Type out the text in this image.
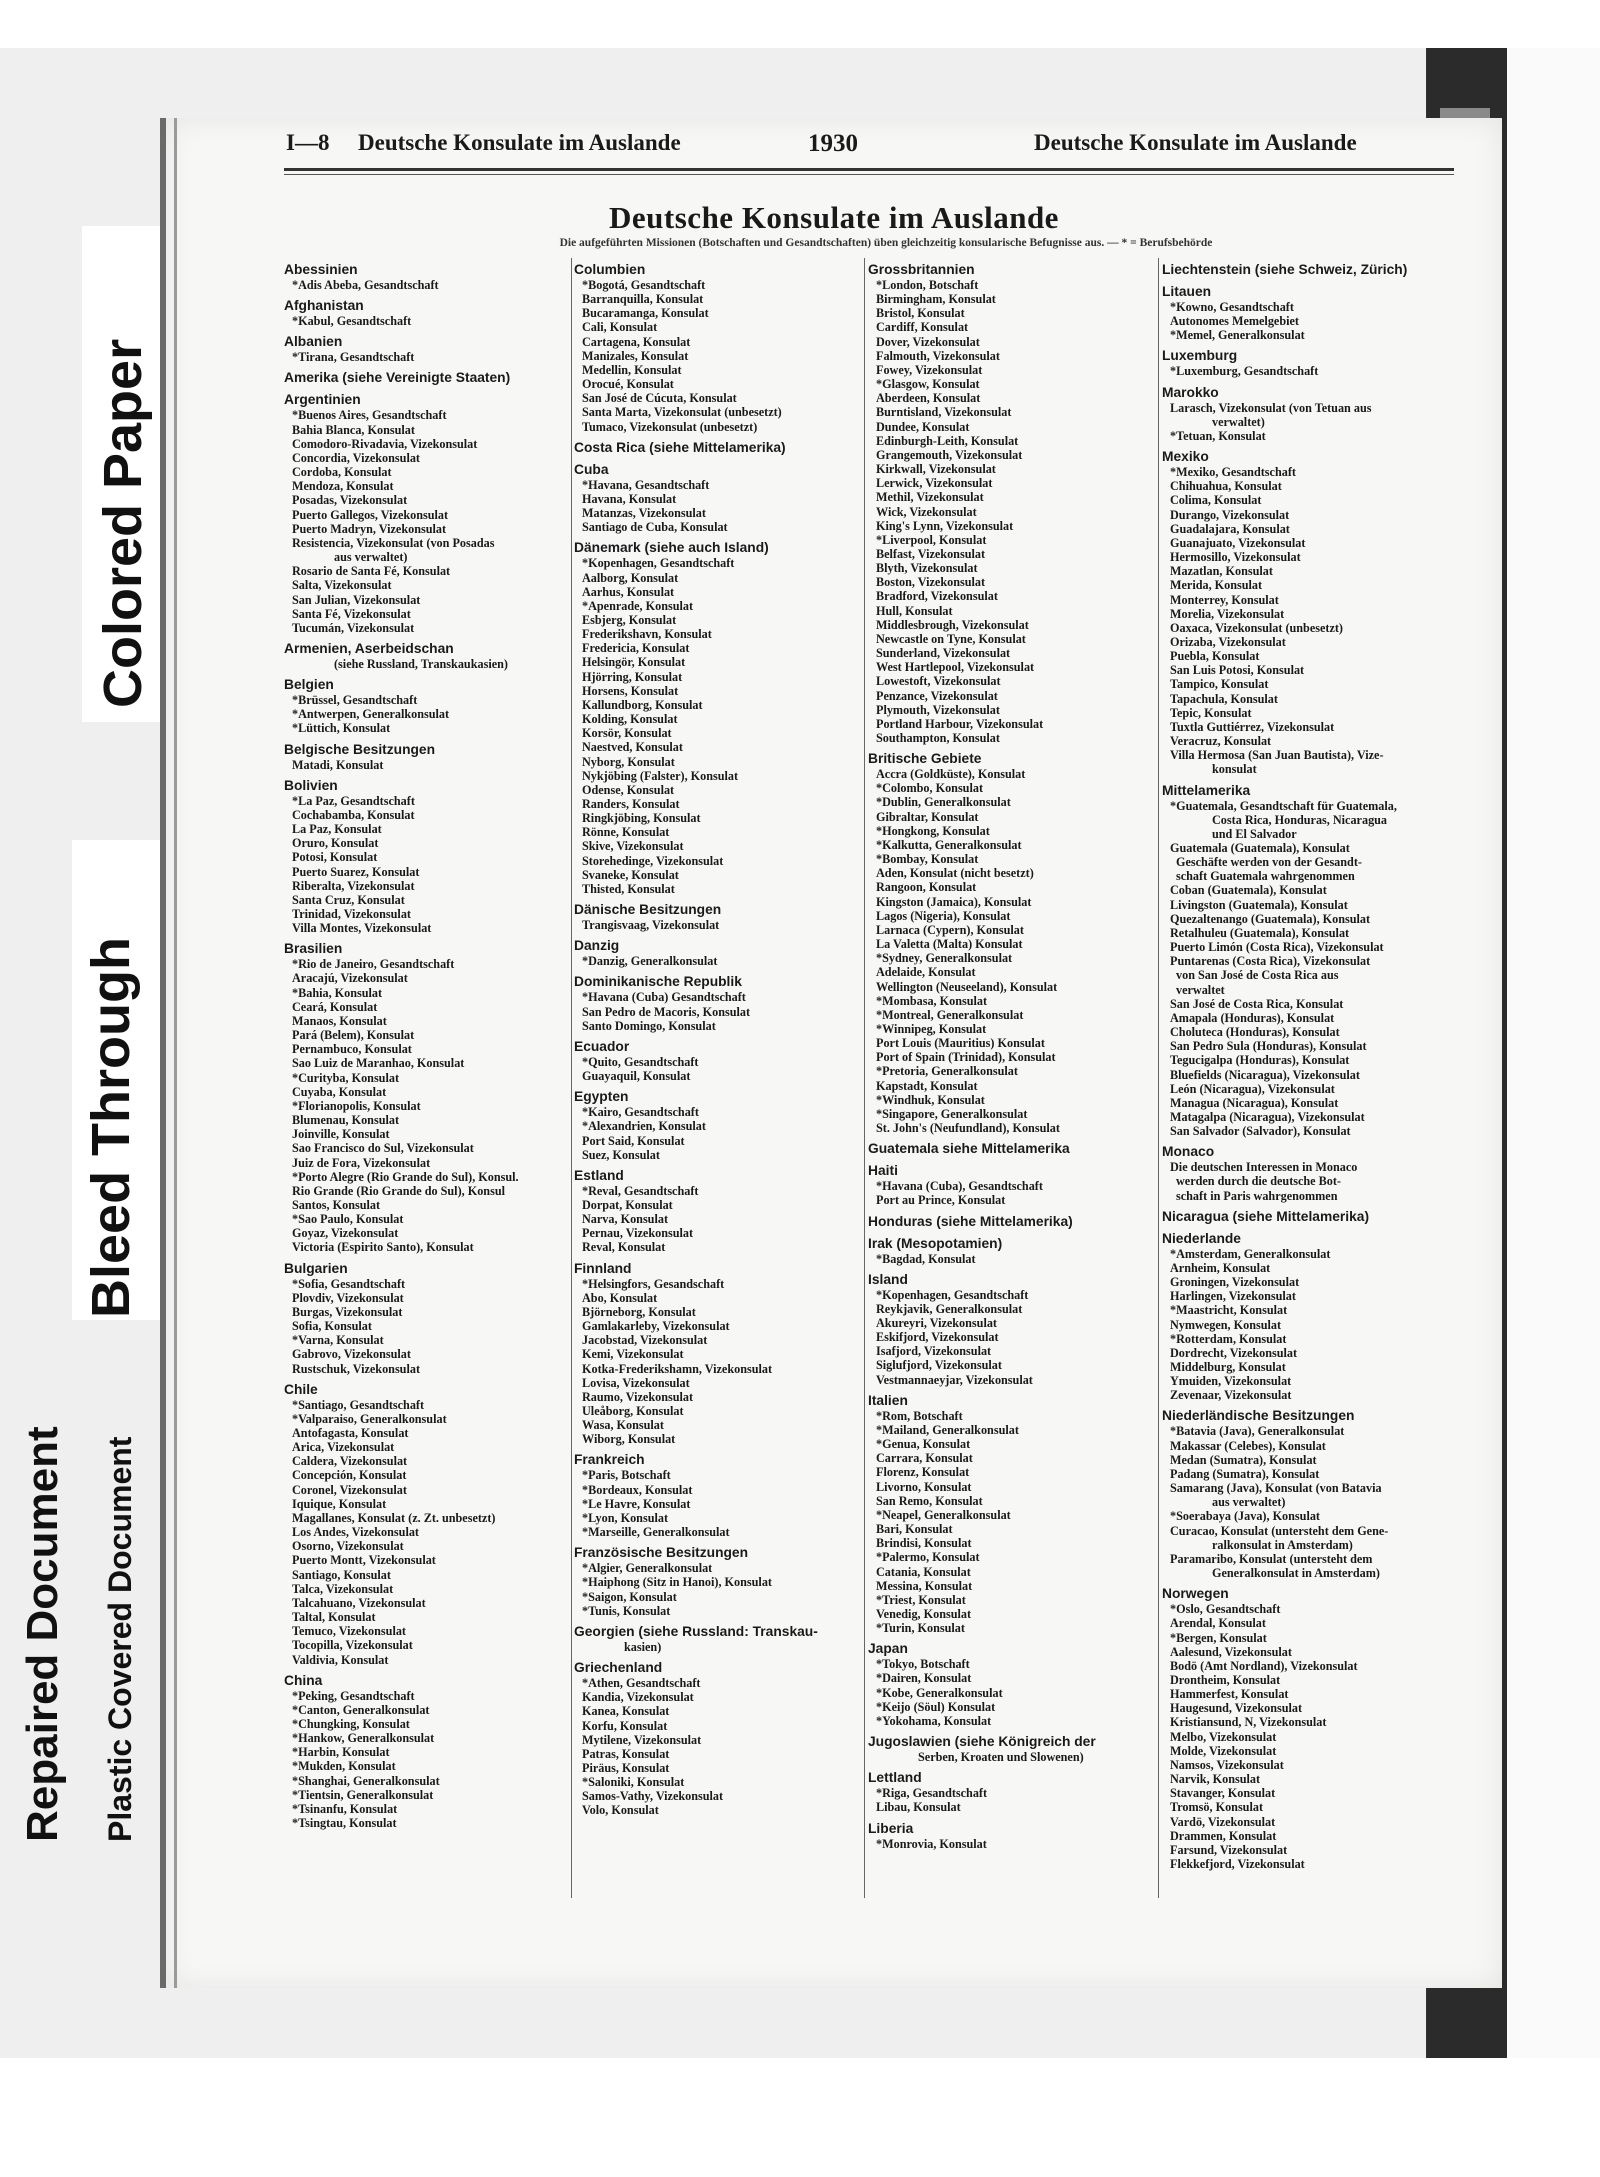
Colored Paper
Bleed Through
Repaired Document Plastic Covered Document
I—8 Deutsche Konsulate im Auslande	1930	Deutsche Konsulate im Auslande
Deutsche Konsulate im Auslande
Die aufgeführten Missionen (Botschaften und Gesandtschaften) üben gleichzeitig konsularische Befugnisse aus. — * = Berufsbehörde
Abessinien
*Adis Abeba, Gesandtschaft
Afghanistan
*Kabul, Gesandtschaft
Albanien
*Tirana, Gesandtschaft
Amerika (siehe Vereinigte Staaten)
Argentinien
*Buenos Aires, Gesandtschaft
Bahia Blanca, Konsulat
Comodoro-Rivadavia, Vizekonsulat
Concordia, Vizekonsulat
Cordoba, Konsulat
Mendoza, Konsulat
Posadas, Vizekonsulat
Puerto Gallegos, Vizekonsulat
Puerto Madryn, Vizekonsulat
Resistencia, Vizekonsulat (von Posadas
aus verwaltet)
Rosario de Santa Fé, Konsulat
Salta, Vizekonsulat
San Julian, Vizekonsulat
Santa Fé, Vizekonsulat
Tucumán, Vizekonsulat
Armenien, Aserbeidschan
(siehe Russland, Transkaukasien)
Belgien
*Brüssel, Gesandtschaft
*Antwerpen, Generalkonsulat
*Lüttich, Konsulat
Belgische Besitzungen
Matadi, Konsulat
Bolivien
*La Paz, Gesandtschaft
Cochabamba, Konsulat
La Paz, Konsulat
Oruro, Konsulat
Potosi, Konsulat
Puerto Suarez, Konsulat
Riberalta, Vizekonsulat
Santa Cruz, Konsulat
Trinidad, Vizekonsulat
Villa Montes, Vizekonsulat
Brasilien
*Rio de Janeiro, Gesandtschaft
Aracajú, Vizekonsulat
*Bahia, Konsulat
Ceará, Konsulat
Manaos, Konsulat
Pará (Belem), Konsulat
Pernambuco, Konsulat
Sao Luiz de Maranhao, Konsulat
*Curityba, Konsulat
Cuyaba, Konsulat
*Florianopolis, Konsulat
Blumenau, Konsulat
Joinville, Konsulat
Sao Francisco do Sul, Vizekonsulat
Juiz de Fora, Vizekonsulat
*Porto Alegre (Rio Grande do Sul), Konsul.
Rio Grande (Rio Grande do Sul), Konsul
Santos, Konsulat
*Sao Paulo, Konsulat
Goyaz, Vizekonsulat
Victoria (Espirito Santo), Konsulat
Bulgarien
*Sofia, Gesandtschaft
Plovdiv, Vizekonsulat
Burgas, Vizekonsulat
Sofia, Konsulat
*Varna, Konsulat
Gabrovo, Vizekonsulat
Rustschuk, Vizekonsulat
Chile
*Santiago, Gesandtschaft
*Valparaiso, Generalkonsulat
Antofagasta, Konsulat
Arica, Vizekonsulat
Caldera, Vizekonsulat
Concepción, Konsulat
Coronel, Vizekonsulat
Iquique, Konsulat
Magallanes, Konsulat (z. Zt. unbesetzt)
Los Andes, Vizekonsulat
Osorno, Vizekonsulat
Puerto Montt, Vizekonsulat
Santiago, Konsulat
Talca, Vizekonsulat
Talcahuano, Vizekonsulat
Taltal, Konsulat
Temuco, Vizekonsulat
Tocopilla, Vizekonsulat
Valdivia, Konsulat
China
*Peking, Gesandtschaft
*Canton, Generalkonsulat
*Chungking, Konsulat
*Hankow, Generalkonsulat
*Harbin, Konsulat
*Mukden, Konsulat
*Shanghai, Generalkonsulat
*Tientsin, Generalkonsulat
*Tsinanfu, Konsulat
*Tsingtau, Konsulat
Columbien
*Bogotá, Gesandtschaft
Barranquilla, Konsulat
Bucaramanga, Konsulat
Cali, Konsulat
Cartagena, Konsulat
Manizales, Konsulat
Medellin, Konsulat
Orocué, Konsulat
San José de Cúcuta, Konsulat
Santa Marta, Vizekonsulat (unbesetzt)
Tumaco, Vizekonsulat (unbesetzt)
Costa Rica (siehe Mittelamerika)
Cuba
*Havana, Gesandtschaft
Havana, Konsulat
Matanzas, Vizekonsulat
Santiago de Cuba, Konsulat
Dänemark (siehe auch Island)
*Kopenhagen, Gesandtschaft
Aalborg, Konsulat
Aarhus, Konsulat
*Apenrade, Konsulat
Esbjerg, Konsulat
Frederikshavn, Konsulat
Fredericia, Konsulat
Helsingör, Konsulat
Hjörring, Konsulat
Horsens, Konsulat
Kallundborg, Konsulat
Kolding, Konsulat
Korsör, Konsulat
Naestved, Konsulat
Nyborg, Konsulat
Nykjöbing (Falster), Konsulat
Odense, Konsulat
Randers, Konsulat
Ringkjöbing, Konsulat
Rönne, Konsulat
Skive, Vizekonsulat
Storehedinge, Vizekonsulat
Svaneke, Konsulat
Thisted, Konsulat
Dänische Besitzungen
Trangisvaag, Vizekonsulat
Danzig
*Danzig, Generalkonsulat
Dominikanische Republik
*Havana (Cuba) Gesandtschaft
San Pedro de Macoris, Konsulat
Santo Domingo, Konsulat
Ecuador
*Quito, Gesandtschaft
Guayaquil, Konsulat
Egypten
*Kairo, Gesandtschaft
*Alexandrien, Konsulat
Port Said, Konsulat
Suez, Konsulat
Estland
*Reval, Gesandtschaft
Dorpat, Konsulat
Narva, Konsulat
Pernau, Vizekonsulat
Reval, Konsulat
Finnland
*Helsingfors, Gesandschaft
Abo, Konsulat
Björneborg, Konsulat
Gamlakarleby, Vizekonsulat
Jacobstad, Vizekonsulat
Kemi, Vizekonsulat
Kotka-Frederikshamn, Vizekonsulat
Lovisa, Vizekonsulat
Raumo, Vizekonsulat
Uleåborg, Konsulat
Wasa, Konsulat
Wiborg, Konsulat
Frankreich
*Paris, Botschaft
*Bordeaux, Konsulat
*Le Havre, Konsulat
*Lyon, Konsulat
*Marseille, Generalkonsulat
Französische Besitzungen
*Algier, Generalkonsulat
*Haiphong (Sitz in Hanoi), Konsulat
*Saigon, Konsulat
*Tunis, Konsulat
Georgien (siehe Russland: Transkau-
kasien)
Griechenland
*Athen, Gesandtschaft
Kandia, Vizekonsulat
Kanea, Konsulat
Korfu, Konsulat
Mytilene, Vizekonsulat
Patras, Konsulat
Piräus, Konsulat
*Saloniki, Konsulat
Samos-Vathy, Vizekonsulat
Volo, Konsulat
Grossbritannien
*London, Botschaft
Birmingham, Konsulat
Bristol, Konsulat
Cardiff, Konsulat
Dover, Vizekonsulat
Falmouth, Vizekonsulat
Fowey, Vizekonsulat
*Glasgow, Konsulat
Aberdeen, Konsulat
Burntisland, Vizekonsulat
Dundee, Konsulat
Edinburgh-Leith, Konsulat
Grangemouth, Vizekonsulat
Kirkwall, Vizekonsulat
Lerwick, Vizekonsulat
Methil, Vizekonsulat
Wick, Vizekonsulat
King's Lynn, Vizekonsulat
*Liverpool, Konsulat
Belfast, Vizekonsulat
Blyth, Vizekonsulat
Boston, Vizekonsulat
Bradford, Vizekonsulat
Hull, Konsulat
Middlesbrough, Vizekonsulat
Newcastle on Tyne, Konsulat
Sunderland, Vizekonsulat
West Hartlepool, Vizekonsulat
Lowestoft, Vizekonsulat
Penzance, Vizekonsulat
Plymouth, Vizekonsulat
Portland Harbour, Vizekonsulat
Southampton, Konsulat
Britische Gebiete
Accra (Goldküste), Konsulat
*Colombo, Konsulat
*Dublin, Generalkonsulat
Gibraltar, Konsulat
*Hongkong, Konsulat
*Kalkutta, Generalkonsulat
*Bombay, Konsulat
Aden, Konsulat (nicht besetzt)
Rangoon, Konsulat
Kingston (Jamaica), Konsulat
Lagos (Nigeria), Konsulat
Larnaca (Cypern), Konsulat
La Valetta (Malta) Konsulat
*Sydney, Generalkonsulat
Adelaide, Konsulat
Wellington (Neuseeland), Konsulat
*Mombasa, Konsulat
*Montreal, Generalkonsulat
*Winnipeg, Konsulat
Port Louis (Mauritius) Konsulat
Port of Spain (Trinidad), Konsulat
*Pretoria, Generalkonsulat
Kapstadt, Konsulat
*Windhuk, Konsulat
*Singapore, Generalkonsulat
St. John's (Neufundland), Konsulat
Guatemala siehe Mittelamerika
Haiti
*Havana (Cuba), Gesandtschaft
Port au Prince, Konsulat
Honduras (siehe Mittelamerika)
Irak (Mesopotamien)
*Bagdad, Konsulat
Island
*Kopenhagen, Gesandtschaft
Reykjavik, Generalkonsulat
Akureyri, Vizekonsulat
Eskifjord, Vizekonsulat
Isafjord, Vizekonsulat
Siglufjord, Vizekonsulat
Vestmannaeyjar, Vizekonsulat
Italien
*Rom, Botschaft
*Mailand, Generalkonsulat
*Genua, Konsulat
Carrara, Konsulat
Florenz, Konsulat
Livorno, Konsulat
San Remo, Konsulat
*Neapel, Generalkonsulat
Bari, Konsulat
Brindisi, Konsulat
*Palermo, Konsulat
Catania, Konsulat
Messina, Konsulat
*Triest, Konsulat
Venedig, Konsulat
*Turin, Konsulat
Japan
*Tokyo, Botschaft
*Dairen, Konsulat
*Kobe, Generalkonsulat
*Keijo (Söul) Konsulat
*Yokohama, Konsulat
Jugoslawien (siehe Königreich der
Serben, Kroaten und Slowenen)
Lettland
*Riga, Gesandtschaft
Libau, Konsulat
Liberia
*Monrovia, Konsulat
Liechtenstein (siehe Schweiz, Zürich)
Litauen
*Kowno, Gesandtschaft
Autonomes Memelgebiet
*Memel, Generalkonsulat
Luxemburg
*Luxemburg, Gesandtschaft
Marokko
Larasch, Vizekonsulat (von Tetuan aus
verwaltet)
*Tetuan, Konsulat
Mexiko
*Mexiko, Gesandtschaft
Chihuahua, Konsulat
Colima, Konsulat
Durango, Vizekonsulat
Guadalajara, Konsulat
Guanajuato, Vizekonsulat
Hermosillo, Vizekonsulat
Mazatlan, Konsulat
Merida, Konsulat
Monterrey, Konsulat
Morelia, Vizekonsulat
Oaxaca, Vizekonsulat (unbesetzt)
Orizaba, Vizekonsulat
Puebla, Konsulat
San Luis Potosi, Konsulat
Tampico, Konsulat
Tapachula, Konsulat
Tepic, Konsulat
Tuxtla Guttiérrez, Vizekonsulat
Veracruz, Konsulat
Villa Hermosa (San Juan Bautista), Vize-
konsulat
Mittelamerika
*Guatemala, Gesandtschaft für Guatemala,
Costa Rica, Honduras, Nicaragua
und El Salvador
Guatemala (Guatemala), Konsulat
Geschäfte werden von der Gesandt-
schaft Guatemala wahrgenommen
Coban (Guatemala), Konsulat
Livingston (Guatemala), Konsulat
Quezaltenango (Guatemala), Konsulat
Retalhuleu (Guatemala), Konsulat
Puerto Limón (Costa Rica), Vizekonsulat
Puntarenas (Costa Rica), Vizekonsulat
von San José de Costa Rica aus
verwaltet
San José de Costa Rica, Konsulat
Amapala (Honduras), Konsulat
Choluteca (Honduras), Konsulat
San Pedro Sula (Honduras), Konsulat
Tegucigalpa (Honduras), Konsulat
Bluefields (Nicaragua), Vizekonsulat
León (Nicaragua), Vizekonsulat
Managua (Nicaragua), Konsulat
Matagalpa (Nicaragua), Vizekonsulat
San Salvador (Salvador), Konsulat
Monaco
Die deutschen Interessen in Monaco
werden durch die deutsche Bot-
schaft in Paris wahrgenommen
Nicaragua (siehe Mittelamerika)
Niederlande
*Amsterdam, Generalkonsulat
Arnheim, Konsulat
Groningen, Vizekonsulat
Harlingen, Vizekonsulat
*Maastricht, Konsulat
Nymwegen, Konsulat
*Rotterdam, Konsulat
Dordrecht, Vizekonsulat
Middelburg, Konsulat
Ymuiden, Vizekonsulat
Zevenaar, Vizekonsulat
Niederländische Besitzungen
*Batavia (Java), Generalkonsulat
Makassar (Celebes), Konsulat
Medan (Sumatra), Konsulat
Padang (Sumatra), Konsulat
Samarang (Java), Konsulat (von Batavia
aus verwaltet)
*Soerabaya (Java), Konsulat
Curacao, Konsulat (untersteht dem Gene-
ralkonsulat in Amsterdam)
Paramaribo, Konsulat (untersteht dem
Generalkonsulat in Amsterdam)
Norwegen
*Oslo, Gesandtschaft
Arendal, Konsulat
*Bergen, Konsulat
Aalesund, Vizekonsulat
Bodö (Amt Nordland), Vizekonsulat
Drontheim, Konsulat
Hammerfest, Konsulat
Haugesund, Vizekonsulat
Kristiansund, N, Vizekonsulat
Melbo, Vizekonsulat
Molde, Vizekonsulat
Namsos, Vizekonsulat
Narvik, Konsulat
Stavanger, Konsulat
Tromsö, Konsulat
Vardö, Vizekonsulat
Drammen, Konsulat
Farsund, Vizekonsulat
Flekkefjord, Vizekonsulat
